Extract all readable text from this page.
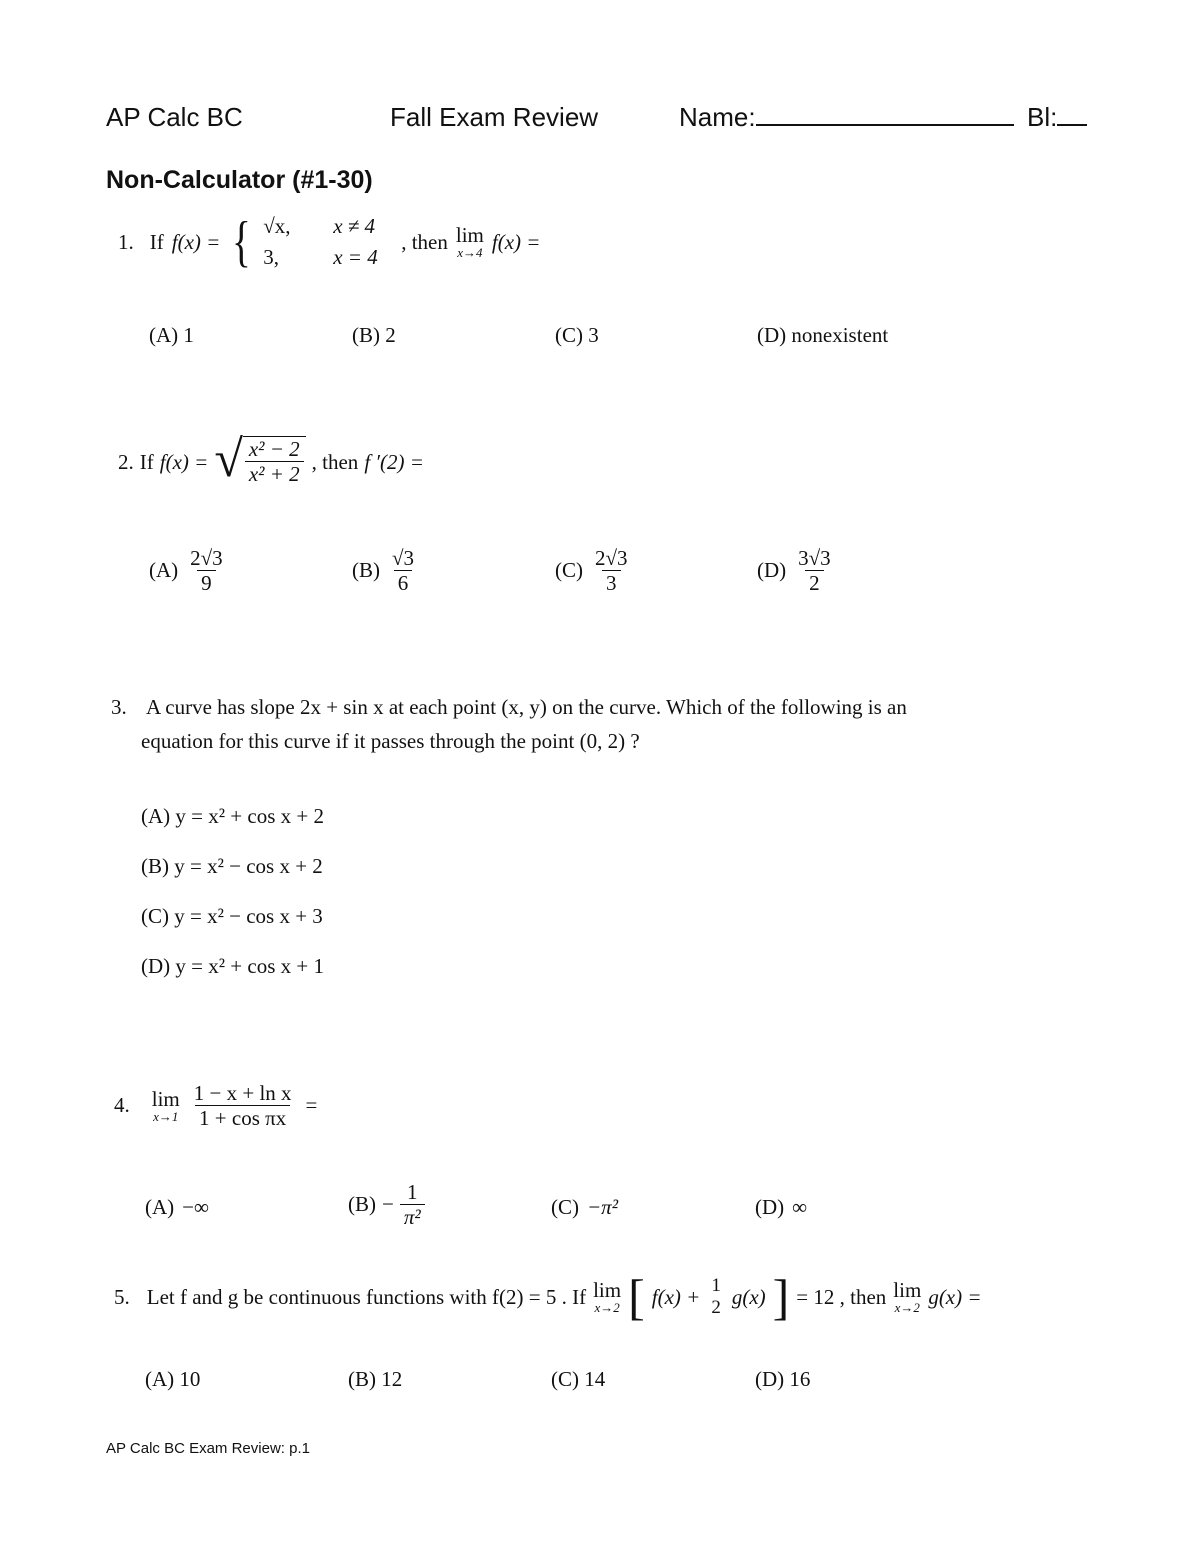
AP Calc BC	Fall Exam Review	Name:	Bl:
Non-Calculator (#1-30)
1. If f(x) = { √x,	x ≠ 4
3,	x = 4
, then lim
x→4 f(x) =
(A) 1	(B) 2	(C) 3	(D) nonexistent
2. If f(x) = √ $\frac{\text{x² − 2}}{\text{x² + 2}}$ , then f ′(2) =
$(A) \frac{2√3}{9}$	$(B) \frac{√3}{6}$	$(C) \frac{2√3}{3}$	$(D) \frac{3√3}{2}$
3. A curve has slope 2x + sin x at each point (x, y) on the curve. Which of the following is an
equation for this curve if it passes through the point (0, 2) ?
(A) y = x² + cos x + 2
(B) y = x² − cos x + 2
(C) y = x² − cos x + 3
(D) y = x² + cos x + 1
4. lim
$x\to 1 \frac{\text{1 − x + ln x}}{\text{1 + cos πx}}$ =
(A) −∞	$(B) - \frac{1}{\text{π²}}$	(C) −π²	(D) ∞
5. Let f and g be continuous functions with f(2) = 5 . If lim
x→2 [ f(x) + 1
2 g(x) ] = 12 , then lim
x→2 g(x) =
(A) 10	(B) 12	(C) 14	(D) 16
AP Calc BC Exam Review: p.1
